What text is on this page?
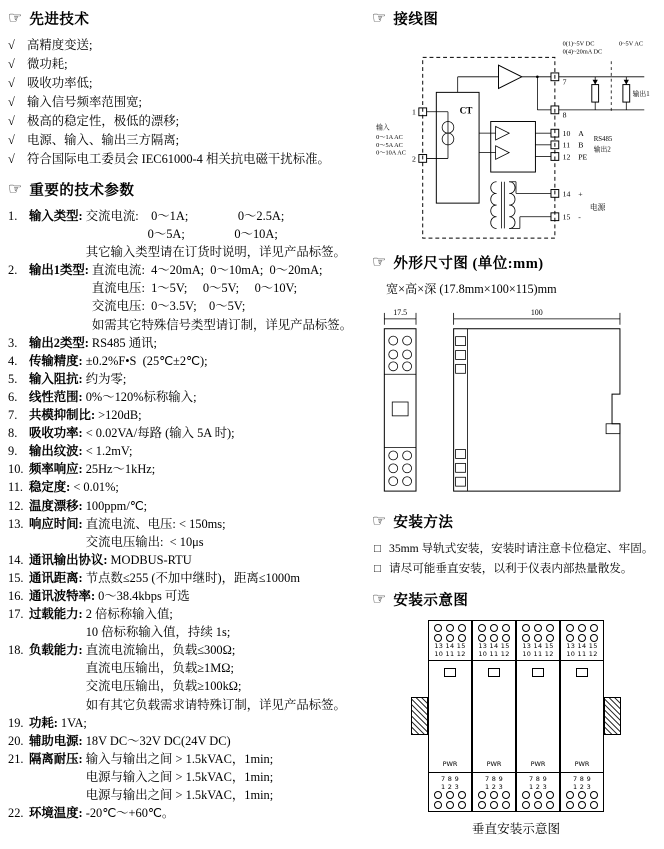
☞ 先进技术
√ 高精度变送;
√ 微功耗;
√ 吸收功率低;
√ 输入信号频率范围宽;
√ 极高的稳定性，极低的漂移;
√ 电源、输入、输出三方隔离;
√ 符合国际电工委员会 IEC61000-4 相关抗电磁干扰标准。
☞ 重要的技术参数
1. 输入类型: 交流电流:　0～1A;　　　　0～2.5A;
　　　　　0～5A;　　　　0～10A;
其它输入类型请在订货时说明，详见产品标签。
2. 输出1类型: 直流电流:  4～20mA;  0～10mA;  0～20mA;
直流电压:  1～5V;　 0～5V;　 0～10V;
交流电压:  0～3.5V;　0～5V;
如需其它特殊信号类型请订制，详见产品标签。
3. 输出2类型: RS485 通讯;
4. 传输精度: ±0.2%F•S  (25℃±2℃);
5. 输入阻抗: 约为零;
6. 线性范围: 0%～120%标称输入;
7. 共模抑制比: >120dB;
8. 吸收功率: < 0.02VA/每路 (输入 5A 时);
9. 输出纹波: < 1.2mV;
10. 频率响应: 25Hz～1kHz;
11. 稳定度: < 0.01%;
12. 温度漂移: 100ppm/℃;
13. 响应时间: 直流电流、电压: < 150ms;
交流电压输出:  < 10μs
14. 通讯输出协议: MODBUS-RTU
15. 通讯距离: 节点数≤255 (不加中继时)，距离≤1000m
16. 通讯波特率: 0～38.4kbps 可选
17. 过载能力: 2 倍标称输入值;
10 倍标称输入值，持续 1s;
18. 负载能力: 直流电流输出，负载≤300Ω;
直流电压输出，负载≥1MΩ;
交流电压输出，负载≥100kΩ;
如有其它负载需求请特殊订制，详见产品标签。
19. 功耗: 1VA;
20. 辅助电源: 18V DC～32V DC(24V DC)
21. 隔离耐压: 输入与输出之间 > 1.5kVAC，1min;
电源与输入之间 > 1.5kVAC，1min;
电源与输出之间 > 1.5kVAC，1min;
22. 环境温度: -20℃～+60℃。
☞ 接线图
0(1)~5V DC
0(4)~20mA DC
0~5V AC
CT
1
2
输入
0～1A AC
0～5A AC
0～10A AC
7
8
10
11
12
14
15
A
B
PE
+
-
RS485
输出2
电源
输出1
☞ 外形尺寸图 (单位:mm)
宽×高×深 (17.8mm×100×115)mm
17.5	100
☞ 安装方法
□ 35mm 导轨式安装，安装时请注意卡位稳定、牢固。
□ 请尽可能垂直安装，以利于仪表内部热量散发。
☞ 安装示意图
13 14 15
10 11 12
PWR
7 8 9
1 2 3
13 14 15
10 11 12
PWR
7 8 9
1 2 3
13 14 15
10 11 12
PWR
7 8 9
1 2 3
13 14 15
10 11 12
PWR
7 8 9
1 2 3
垂直安装示意图
